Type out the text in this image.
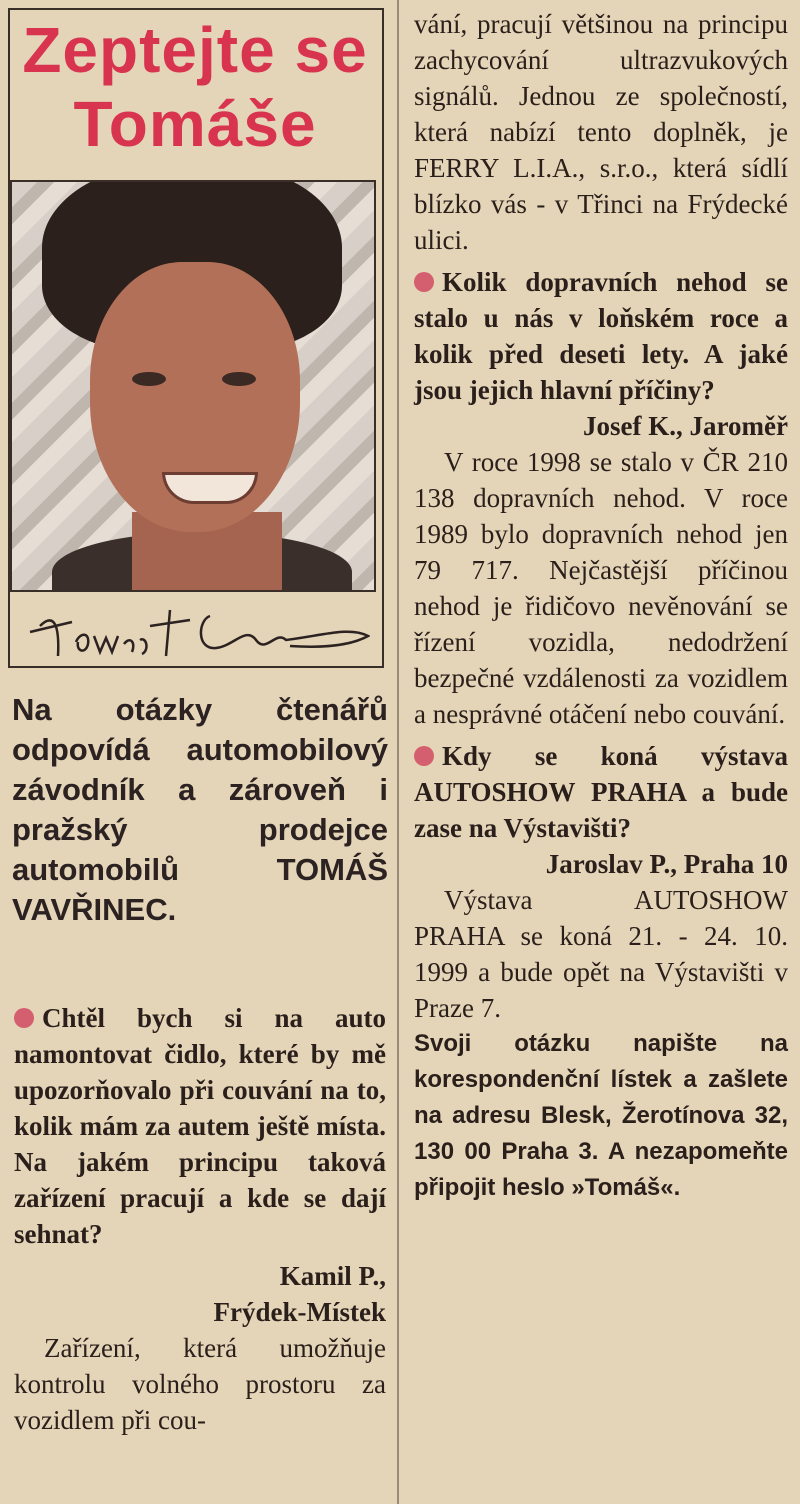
Zeptejte se
Tomáše
Na otázky čtenářů odpovídá automobilový závodník a zároveň i pražský prodejce automobilů TOMÁŠ VAVŘINEC.
Chtěl bych si na auto namontovat čidlo, které by mě upozorňovalo při couvání na to, kolik mám za autem ještě místa. Na jakém principu taková zařízení pracují a kde se dají sehnat?
Kamil P.,
Frýdek-Místek
Zařízení, která umožňuje kontrolu volného prostoru za vozidlem při cou-
vání, pracují většinou na principu zachycování ultrazvukových signálů. Jednou ze společností, která nabízí tento doplněk, je FERRY L.I.A., s.r.o., která sídlí blízko vás - v Třinci na Frýdecké ulici.
Kolik dopravních nehod se stalo u nás v loňském roce a kolik před deseti lety. A jaké jsou jejich hlavní příčiny?
Josef K., Jaroměř
V roce 1998 se stalo v ČR 210 138 dopravních nehod. V roce 1989 bylo dopravních nehod jen 79 717. Nejčastější příčinou nehod je řidičovo nevěnování se řízení vozidla, nedodržení bezpečné vzdálenosti za vozidlem a nesprávné otáčení nebo couvání.
Kdy se koná výstava AUTOSHOW PRAHA a bude zase na Výstavišti?
Jaroslav P., Praha 10
Výstava AUTOSHOW PRAHA se koná 21. - 24. 10. 1999 a bude opět na Výstavišti v Praze 7.
Svoji otázku napište na korespondenční lístek a zašlete na adresu Blesk, Žerotínova 32, 130 00 Praha 3. A nezapomeňte připojit heslo »Tomáš«.
